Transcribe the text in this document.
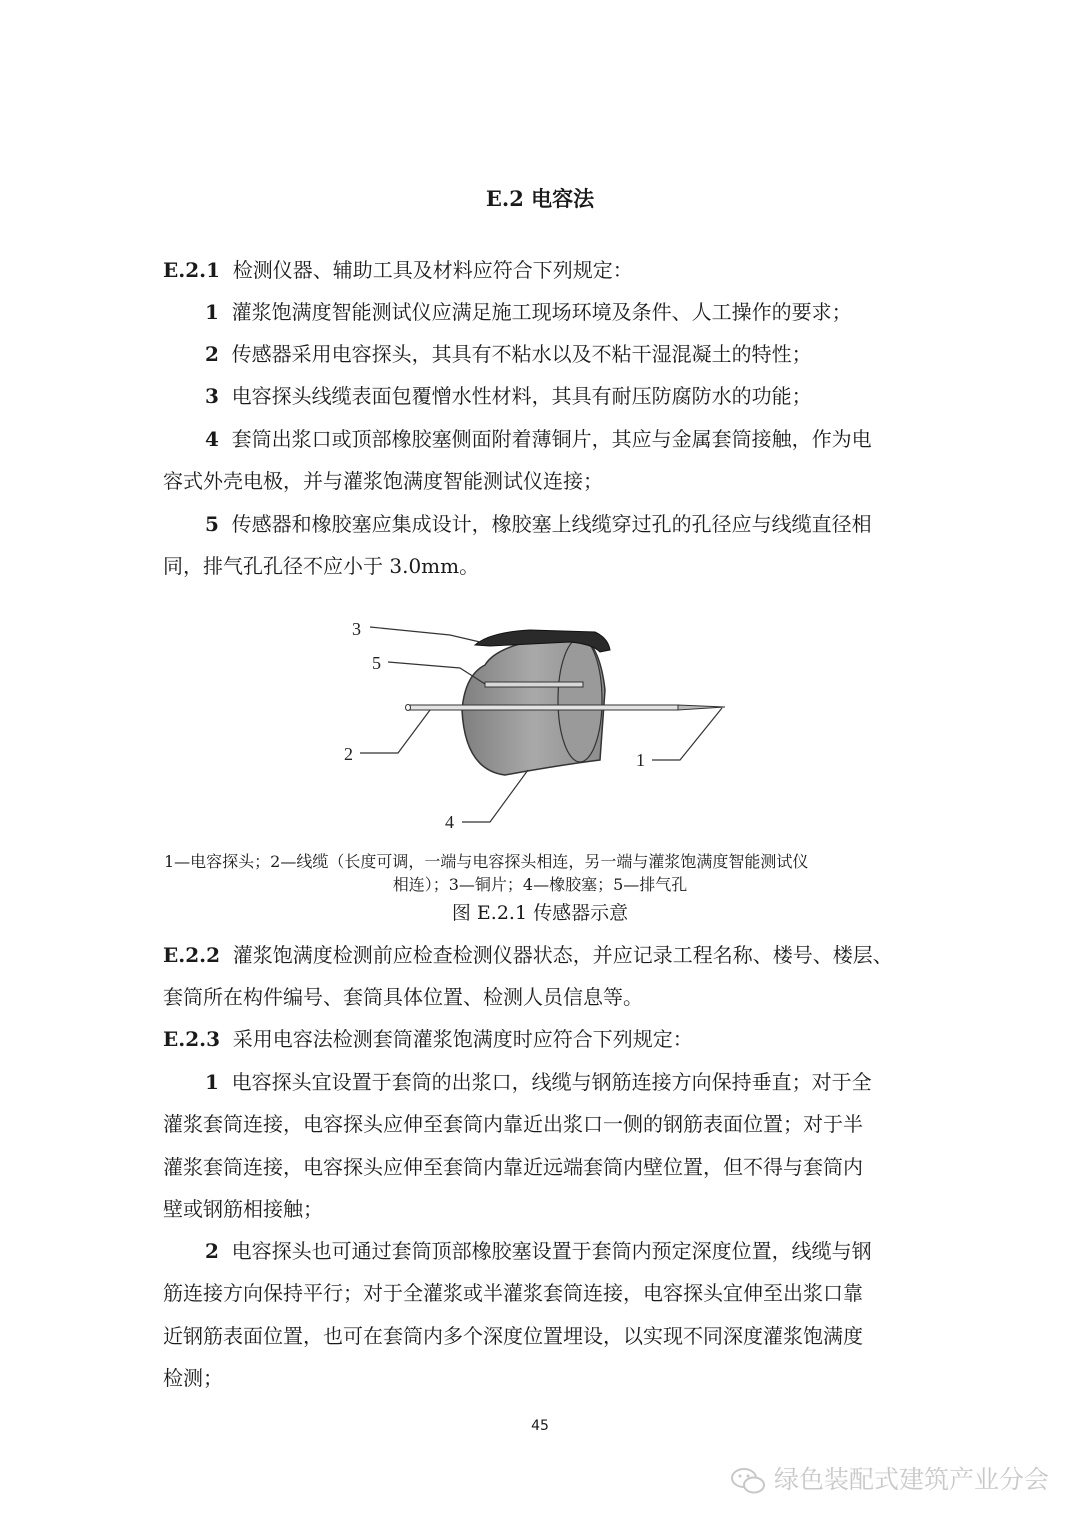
E.2 电容法
E.2.1 检测仪器、辅助工具及材料应符合下列规定：
1 灌浆饱满度智能测试仪应满足施工现场环境及条件、人工操作的要求；
2 传感器采用电容探头，其具有不粘水以及不粘干湿混凝土的特性；
3 电容探头线缆表面包覆憎水性材料，其具有耐压防腐防水的功能；
4 套筒出浆口或顶部橡胶塞侧面附着薄铜片，其应与金属套筒接触，作为电
容式外壳电极，并与灌浆饱满度智能测试仪连接；
5 传感器和橡胶塞应集成设计，橡胶塞上线缆穿过孔的孔径应与线缆直径相
同，排气孔孔径不应小于 3.0mm。
3
5
2	1
4
1—电容探头；2—线缆（长度可调，一端与电容探头相连，另一端与灌浆饱满度智能测试仪
相连）；3—铜片；4—橡胶塞；5—排气孔
图 E.2.1 传感器示意
E.2.2 灌浆饱满度检测前应检查检测仪器状态，并应记录工程名称、楼号、楼层、
套筒所在构件编号、套筒具体位置、检测人员信息等。
E.2.3 采用电容法检测套筒灌浆饱满度时应符合下列规定：
1 电容探头宜设置于套筒的出浆口，线缆与钢筋连接方向保持垂直；对于全
灌浆套筒连接，电容探头应伸至套筒内靠近出浆口一侧的钢筋表面位置；对于半
灌浆套筒连接，电容探头应伸至套筒内靠近远端套筒内壁位置，但不得与套筒内
壁或钢筋相接触；
2 电容探头也可通过套筒顶部橡胶塞设置于套筒内预定深度位置，线缆与钢
筋连接方向保持平行；对于全灌浆或半灌浆套筒连接，电容探头宜伸至出浆口靠
近钢筋表面位置，也可在套筒内多个深度位置埋设，以实现不同深度灌浆饱满度
检测；
45
绿色装配式建筑产业分会
